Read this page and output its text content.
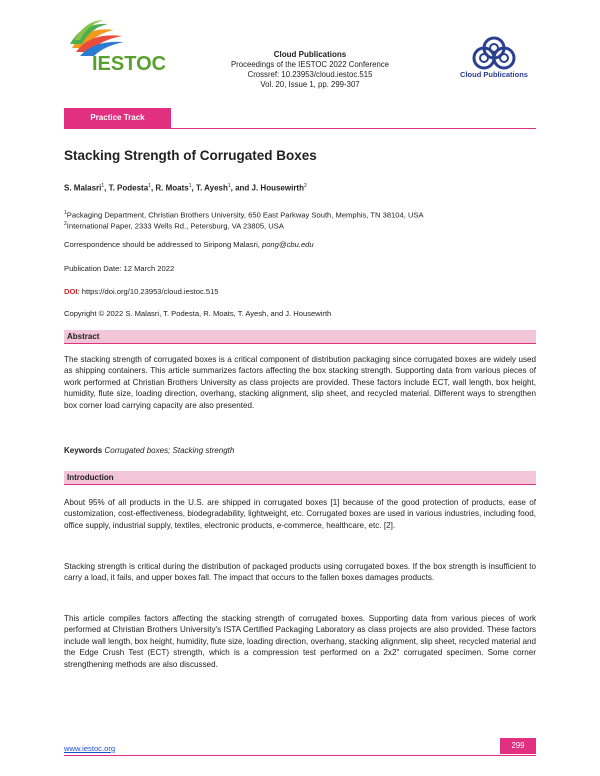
IESTOC	Cloud Publications
Cloud Publications
Proceedings of the IESTOC 2022 Conference
Crossref: 10.23953/cloud.iestoc.515
Vol. 20, Issue 1, pp. 299-307
Practice Track
Stacking Strength of Corrugated Boxes
S. Malasri$^1$, T. Podesta$^1$, R. Moats$^1$, T. Ayesh$^1$, and J. Housewirth$^2$
$^1$Packaging Department, Christian Brothers University, 650 East Parkway South, Memphis, TN 38104, USA
$^2$International Paper, 2333 Wells Rd., Petersburg, VA 23805, USA
Correspondence should be addressed to Siripong Malasri, pong@cbu.edu
Publication Date: 12 March 2022
DOI: https://doi.org/10.23953/cloud.iestoc.515
Copyright © 2022 S. Malasri, T. Podesta, R. Moats, T. Ayesh, and J. Housewirth
Abstract
The stacking strength of corrugated boxes is a critical component of distribution packaging since corrugated boxes are widely used as shipping containers. This article summarizes factors affecting the box stacking strength. Supporting data from various pieces of work performed at Christian Brothers University as class projects are provided. These factors include ECT, wall length, box height, humidity, flute size, loading direction, overhang, stacking alignment, slip sheet, and recycled material. Different ways to strengthen box corner load carrying capacity are also presented.
Keywords Corrugated boxes; Stacking strength
Introduction
About 95% of all products in the U.S. are shipped in corrugated boxes [1] because of the good protection of products, ease of customization, cost-effectiveness, biodegradability, lightweight, etc. Corrugated boxes are used in various industries, including food, office supply, industrial supply, textiles, electronic products, e-commerce, healthcare, etc. [2].
Stacking strength is critical during the distribution of packaged products using corrugated boxes. If the box strength is insufficient to carry a load, it fails, and upper boxes fall. The impact that occurs to the fallen boxes damages products.
This article compiles factors affecting the stacking strength of corrugated boxes. Supporting data from various pieces of work performed at Christian Brothers University's ISTA Certified Packaging Laboratory as class projects are also provided. These factors include wall length, box height, humidity, flute size, loading direction, overhang, stacking alignment, slip sheet, recycled material and the Edge Crush Test (ECT) strength, which is a compression test performed on a 2x2" corrugated specimen. Some corner strengthening methods are also discussed.
www.iestoc.org	299
